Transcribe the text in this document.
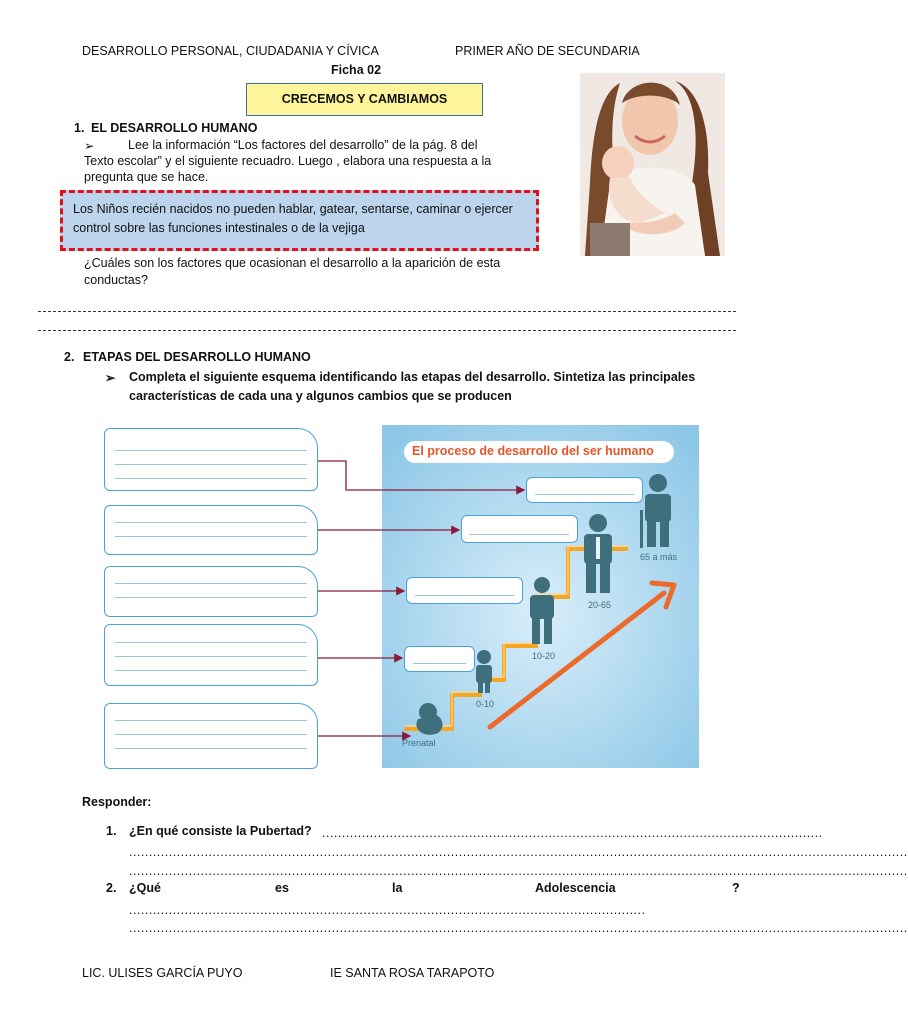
DESARROLLO PERSONAL, CIUDADANIA Y CÍVICA	PRIMER AÑO DE SECUNDARIA
Ficha 02
CRECEMOS Y CAMBIAMOS
1. EL DESARROLLO HUMANO
➢	Lee la información “Los factores del desarrollo” de la pág. 8 del
Texto escolar” y el siguiente recuadro. Luego , elabora una respuesta a la
pregunta que se hace.
Los Niños recién nacidos no pueden hablar, gatear, sentarse, caminar o ejercer
control sobre las funciones intestinales o de la vejiga
¿Cuáles son los factores que ocasionan el desarrollo a la aparición de esta
conductas?
2. ETAPAS DEL DESARROLLO HUMANO
➢ Completa el siguiente esquema identificando las etapas del desarrollo. Sintetiza las principales
características de cada una y algunos cambios que se producen
El proceso de desarrollo del ser humano
Prenatal
0-10
10-20
20-65
65 a más
Responder:
1. ¿En qué consiste la Pubertad? ..............................................................................................................................
....................................................................................................................................................................................................
....................................................................................................................................................................................................
2. ¿Qué	es	la	Adolescencia	?
..................................................................................................................................
....................................................................................................................................................................................................
LIC. ULISES GARCÍA PUYO	IE SANTA ROSA TARAPOTO
